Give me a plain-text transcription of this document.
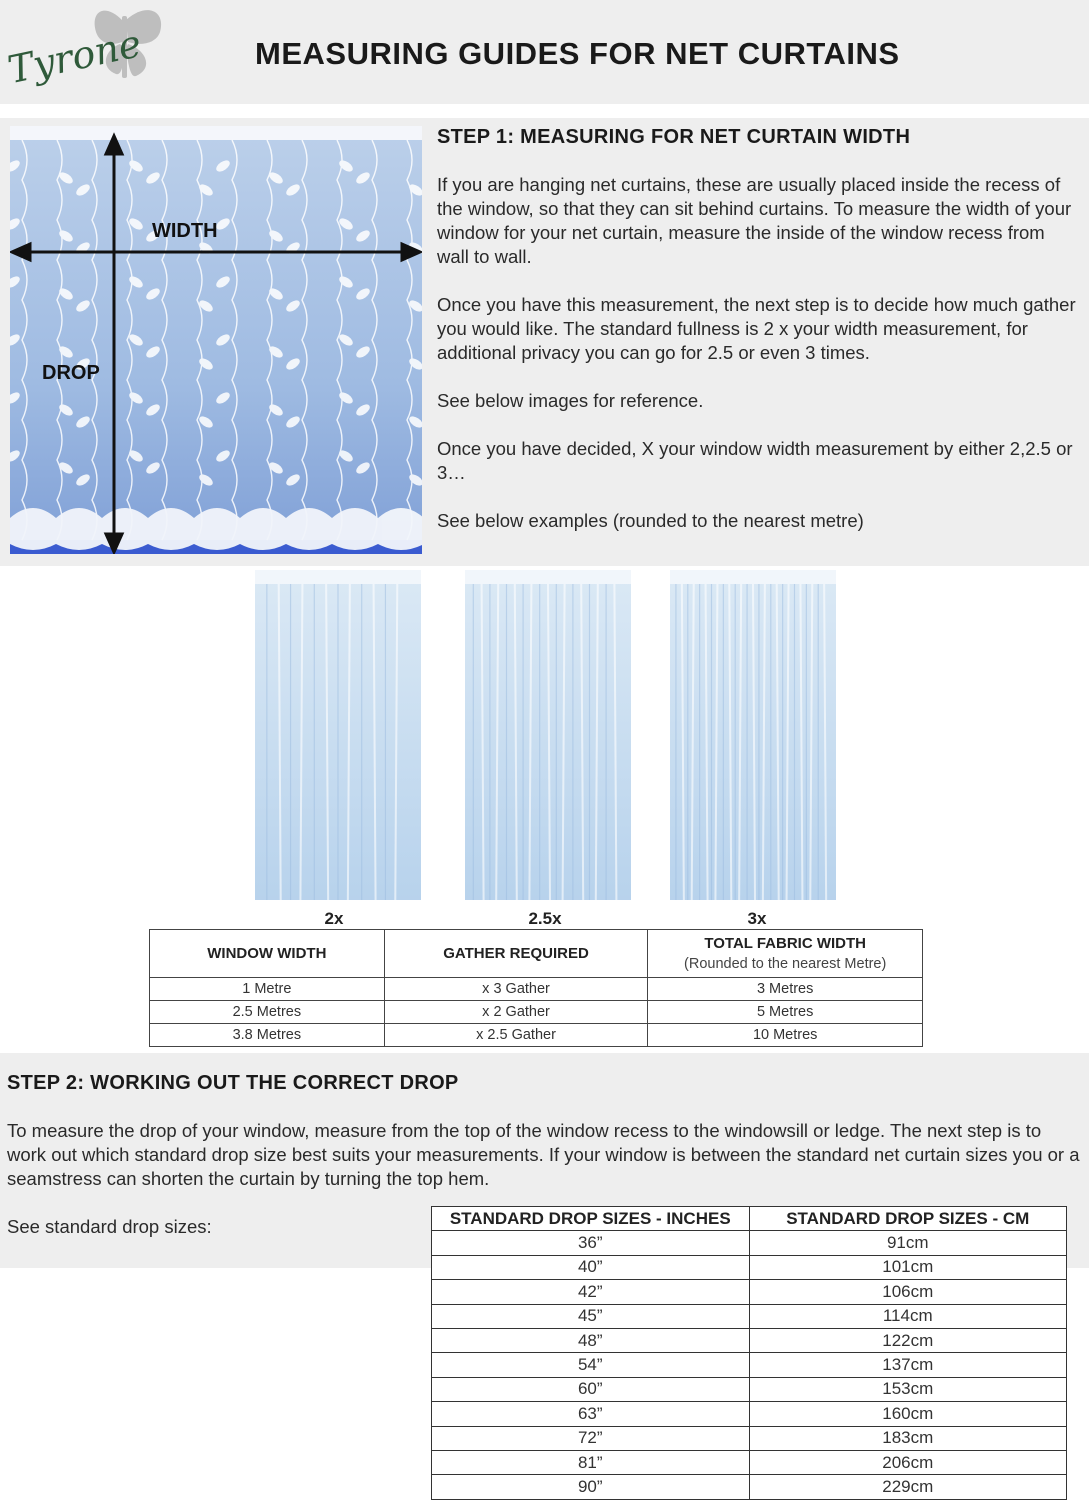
Tyrone	MEASURING GUIDES FOR NET CURTAINS
WIDTH
DROP
STEP 1: MEASURING FOR NET CURTAIN WIDTH

If you are hanging net curtains, these are usually placed inside the recess of the window, so that they can sit behind curtains. To measure the width of your window for your net curtain, measure the inside of the window recess from wall to wall.

Once you have this measurement, the next step is to decide how much gather you would like. The standard fullness is 2 x your width measurement, for additional privacy you can go for 2.5 or even 3 times.

See below images for reference.

Once you have decided, X your window width measurement by either 2,2.5 or 3…

See below examples (rounded to the nearest metre)

2x	2.5x	3x
WINDOW WIDTH	GATHER REQUIRED	TOTAL FABRIC WIDTH
(Rounded to the nearest Metre)

1 Metre	x 3 Gather	3 Metres
2.5 Metres	x 2 Gather	5 Metres
3.8 Metres	x 2.5 Gather	10 Metres
STEP 2: WORKING OUT THE CORRECT DROP

To measure the drop of your window, measure from the top of the window recess to the windowsill or ledge. The next step is to work out which standard drop size best suits your measurements. If your window is between the standard net curtain sizes you or a seamstress can shorten the curtain by turning the top hem.

See standard drop sizes:	STANDARD DROP SIZES - INCHES	STANDARD DROP SIZES - CM
36”	91cm
40”	101cm
42”	106cm
45”	114cm
48”	122cm
54”	137cm
60”	153cm
63”	160cm
72”	183cm
81”	206cm
90”	229cm
